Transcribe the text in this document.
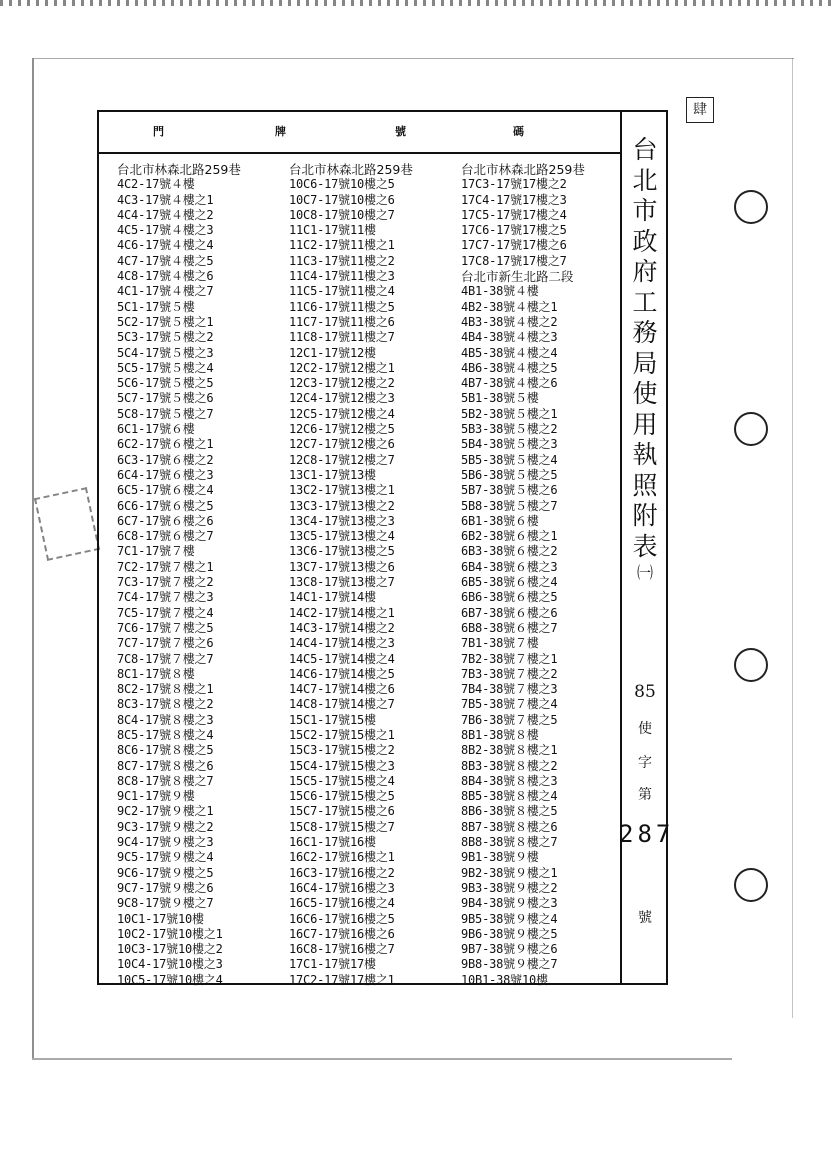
肆
門	牌	號	碼
台北市林森北路259巷
4C2-17號４樓
4C3-17號４樓之1
4C4-17號４樓之2
4C5-17號４樓之3
4C6-17號４樓之4
4C7-17號４樓之5
4C8-17號４樓之6
4C1-17號４樓之7
5C1-17號５樓
5C2-17號５樓之1
5C3-17號５樓之2
5C4-17號５樓之3
5C5-17號５樓之4
5C6-17號５樓之5
5C7-17號５樓之6
5C8-17號５樓之7
6C1-17號６樓
6C2-17號６樓之1
6C3-17號６樓之2
6C4-17號６樓之3
6C5-17號６樓之4
6C6-17號６樓之5
6C7-17號６樓之6
6C8-17號６樓之7
7C1-17號７樓
7C2-17號７樓之1
7C3-17號７樓之2
7C4-17號７樓之3
7C5-17號７樓之4
7C6-17號７樓之5
7C7-17號７樓之6
7C8-17號７樓之7
8C1-17號８樓
8C2-17號８樓之1
8C3-17號８樓之2
8C4-17號８樓之3
8C5-17號８樓之4
8C6-17號８樓之5
8C7-17號８樓之6
8C8-17號８樓之7
9C1-17號９樓
9C2-17號９樓之1
9C3-17號９樓之2
9C4-17號９樓之3
9C5-17號９樓之4
9C6-17號９樓之5
9C7-17號９樓之6
9C8-17號９樓之7
10C1-17號10樓
10C2-17號10樓之1
10C3-17號10樓之2
10C4-17號10樓之3
10C5-17號10樓之4
台北市林森北路259巷
10C6-17號10樓之5
10C7-17號10樓之6
10C8-17號10樓之7
11C1-17號11樓
11C2-17號11樓之1
11C3-17號11樓之2
11C4-17號11樓之3
11C5-17號11樓之4
11C6-17號11樓之5
11C7-17號11樓之6
11C8-17號11樓之7
12C1-17號12樓
12C2-17號12樓之1
12C3-17號12樓之2
12C4-17號12樓之3
12C5-17號12樓之4
12C6-17號12樓之5
12C7-17號12樓之6
12C8-17號12樓之7
13C1-17號13樓
13C2-17號13樓之1
13C3-17號13樓之2
13C4-17號13樓之3
13C5-17號13樓之4
13C6-17號13樓之5
13C7-17號13樓之6
13C8-17號13樓之7
14C1-17號14樓
14C2-17號14樓之1
14C3-17號14樓之2
14C4-17號14樓之3
14C5-17號14樓之4
14C6-17號14樓之5
14C7-17號14樓之6
14C8-17號14樓之7
15C1-17號15樓
15C2-17號15樓之1
15C3-17號15樓之2
15C4-17號15樓之3
15C5-17號15樓之4
15C6-17號15樓之5
15C7-17號15樓之6
15C8-17號15樓之7
16C1-17號16樓
16C2-17號16樓之1
16C3-17號16樓之2
16C4-17號16樓之3
16C5-17號16樓之4
16C6-17號16樓之5
16C7-17號16樓之6
16C8-17號16樓之7
17C1-17號17樓
17C2-17號17樓之1
台北市林森北路259巷
17C3-17號17樓之2
17C4-17號17樓之3
17C5-17號17樓之4
17C6-17號17樓之5
17C7-17號17樓之6
17C8-17號17樓之7
台北市新生北路二段
4B1-38號４樓
4B2-38號４樓之1
4B3-38號４樓之2
4B4-38號４樓之3
4B5-38號４樓之4
4B6-38號４樓之5
4B7-38號４樓之6
5B1-38號５樓
5B2-38號５樓之1
5B3-38號５樓之2
5B4-38號５樓之3
5B5-38號５樓之4
5B6-38號５樓之5
5B7-38號５樓之6
5B8-38號５樓之7
6B1-38號６樓
6B2-38號６樓之1
6B3-38號６樓之2
6B4-38號６樓之3
6B5-38號６樓之4
6B6-38號６樓之5
6B7-38號６樓之6
6B8-38號６樓之7
7B1-38號７樓
7B2-38號７樓之1
7B3-38號７樓之2
7B4-38號７樓之3
7B5-38號７樓之4
7B6-38號７樓之5
8B1-38號８樓
8B2-38號８樓之1
8B3-38號８樓之2
8B4-38號８樓之3
8B5-38號８樓之4
8B6-38號８樓之5
8B7-38號８樓之6
8B8-38號８樓之7
9B1-38號９樓
9B2-38號９樓之1
9B3-38號９樓之2
9B4-38號９樓之3
9B5-38號９樓之4
9B6-38號９樓之5
9B7-38號９樓之6
9B8-38號９樓之7
10B1-38號10樓
台
北
市
政
府
工
務
局
使
用
執
照
附
表
㈠
85
使
字
第
號
287
